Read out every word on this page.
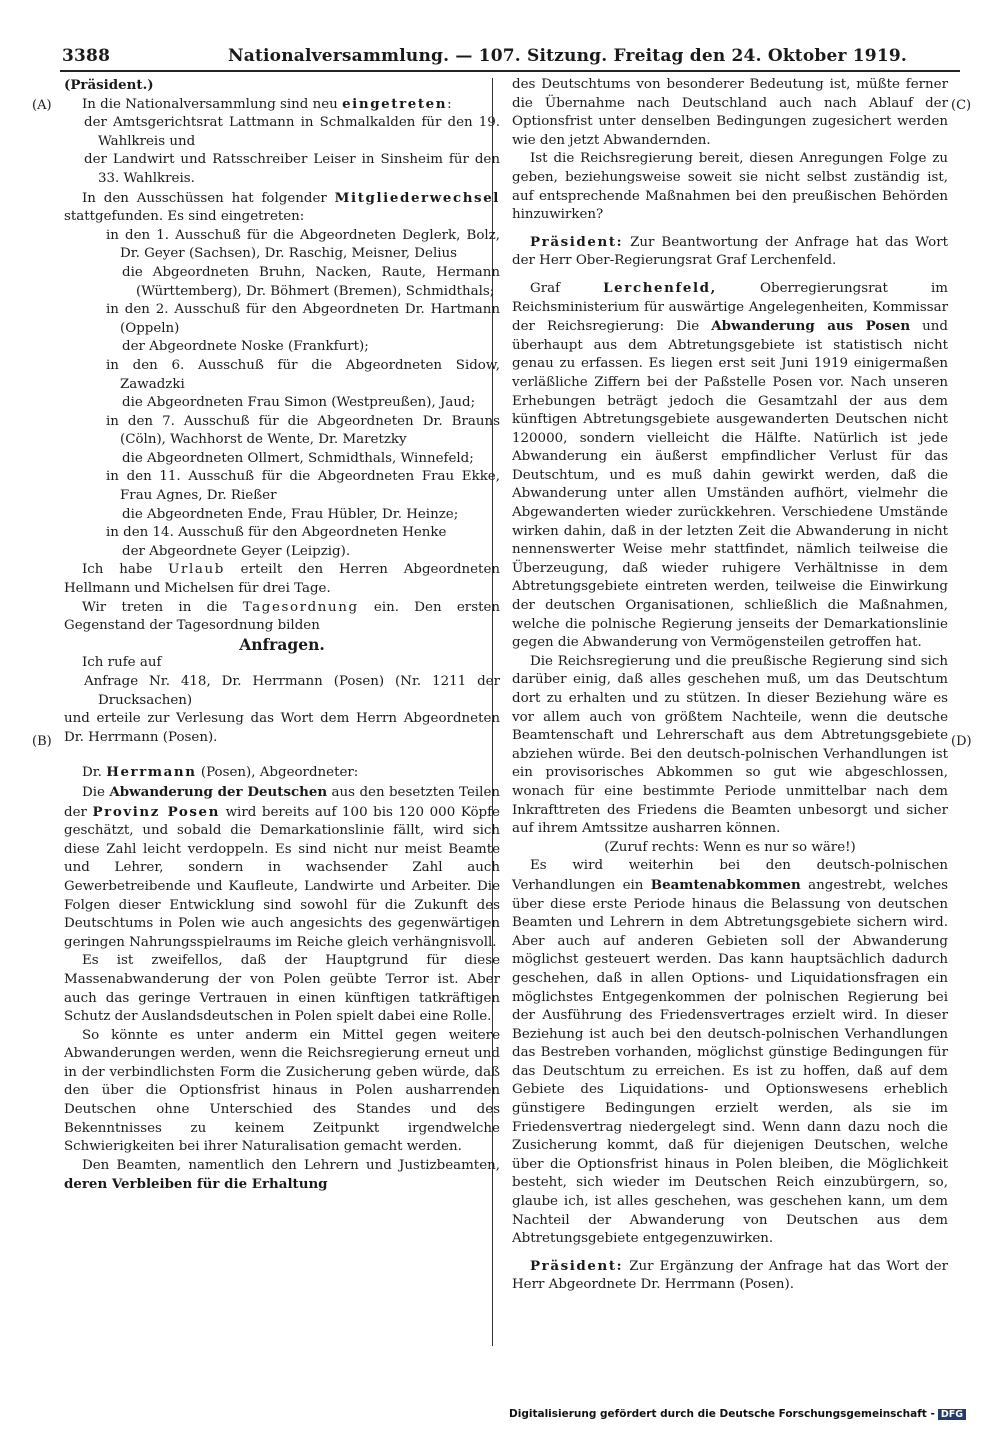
3388	Nationalversammlung. — 107. Sitzung. Freitag den 24. Oktober 1919.
(A)
(B)
(C)
(D)

(Präsident.)

In die Nationalversammlung sind neu eingetreten:

der Amtsgerichtsrat Lattmann in Schmalkalden für den 19. Wahlkreis und

der Landwirt und Ratsschreiber Leiser in Sinsheim für den 33. Wahlkreis.

In den Ausschüssen hat folgender Mitgliederwechsel stattgefunden. Es sind eingetreten:

in den 1. Ausschuß für die Abgeordneten Deglerk, Bolz, Dr. Geyer (Sachsen), Dr. Raschig, Meisner, Delius

die Abgeordneten Bruhn, Nacken, Raute, Hermann (Württemberg), Dr. Böhmert (Bremen), Schmidthals;

in den 2. Ausschuß für den Abgeordneten Dr. Hartmann (Oppeln)

der Abgeordnete Noske (Frankfurt);

in den 6. Ausschuß für die Abgeordneten Sidow, Zawadzki

die Abgeordneten Frau Simon (Westpreußen), Jaud;

in den 7. Ausschuß für die Abgeordneten Dr. Brauns (Cöln), Wachhorst de Wente, Dr. Maretzky

die Abgeordneten Ollmert, Schmidthals, Winnefeld;

in den 11. Ausschuß für die Abgeordneten Frau Ekke, Frau Agnes, Dr. Rießer

die Abgeordneten Ende, Frau Hübler, Dr. Heinze;

in den 14. Ausschuß für den Abgeordneten Henke

der Abgeordnete Geyer (Leipzig).

Ich habe Urlaub erteilt den Herren Abgeordneten Hellmann und Michelsen für drei Tage.

Wir treten in die Tagesordnung ein. Den ersten Gegenstand der Tagesordnung bilden

Anfragen.

Ich rufe auf

Anfrage Nr. 418, Dr. Herrmann (Posen) (Nr. 1211 der Drucksachen)

und erteile zur Verlesung das Wort dem Herrn Abgeordneten Dr. Herrmann (Posen).

Dr. Herrmann (Posen), Abgeordneter:

Die Abwanderung der Deutschen aus den besetzten Teilen der Provinz Posen wird bereits auf 100 bis 120 000 Köpfe geschätzt, und sobald die Demarkationslinie fällt, wird sich diese Zahl leicht verdoppeln. Es sind nicht nur meist Beamte und Lehrer, sondern in wachsender Zahl auch Gewerbetreibende und Kaufleute, Landwirte und Arbeiter. Die Folgen dieser Entwicklung sind sowohl für die Zukunft des Deutschtums in Polen wie auch angesichts des gegenwärtigen geringen Nahrungsspielraums im Reiche gleich verhängnisvoll.

Es ist zweifellos, daß der Hauptgrund für diese Massenabwanderung der von Polen geübte Terror ist. Aber auch das geringe Vertrauen in einen künftigen tatkräftigen Schutz der Auslandsdeutschen in Polen spielt dabei eine Rolle.

So könnte es unter anderm ein Mittel gegen weitere Abwanderungen werden, wenn die Reichsregierung erneut und in der verbindlichsten Form die Zusicherung geben würde, daß den über die Optionsfrist hinaus in Polen ausharrenden Deutschen ohne Unterschied des Standes und des Bekenntnisses zu keinem Zeitpunkt irgendwelche Schwierigkeiten bei ihrer Naturalisation gemacht werden.

Den Beamten, namentlich den Lehrern und Justizbeamten, deren Verbleiben für die Erhaltung

des Deutschtums von besonderer Bedeutung ist, müßte ferner die Übernahme nach Deutschland auch nach Ablauf der Optionsfrist unter denselben Bedingungen zugesichert werden wie den jetzt Abwandernden.

Ist die Reichsregierung bereit, diesen Anregungen Folge zu geben, beziehungsweise soweit sie nicht selbst zuständig ist, auf entsprechende Maßnahmen bei den preußischen Behörden hinzuwirken?

Präsident: Zur Beantwortung der Anfrage hat das Wort der Herr Ober-Regierungsrat Graf Lerchenfeld.

Graf Lerchenfeld, Oberregierungsrat im Reichsministerium für auswärtige Angelegenheiten, Kommissar der Reichsregierung: Die Abwanderung aus Posen und überhaupt aus dem Abtretungsgebiete ist statistisch nicht genau zu erfassen. Es liegen erst seit Juni 1919 einigermaßen verläßliche Ziffern bei der Paßstelle Posen vor. Nach unseren Erhebungen beträgt jedoch die Gesamtzahl der aus dem künftigen Abtretungsgebiete ausgewanderten Deutschen nicht 120000, sondern vielleicht die Hälfte. Natürlich ist jede Abwanderung ein äußerst empfindlicher Verlust für das Deutschtum, und es muß dahin gewirkt werden, daß die Abwanderung unter allen Umständen aufhört, vielmehr die Abgewanderten wieder zurückkehren. Verschiedene Umstände wirken dahin, daß in der letzten Zeit die Abwanderung in nicht nennenswerter Weise mehr stattfindet, nämlich teilweise die Überzeugung, daß wieder ruhigere Verhältnisse in dem Abtretungsgebiete eintreten werden, teilweise die Einwirkung der deutschen Organisationen, schließlich die Maßnahmen, welche die polnische Regierung jenseits der Demarkationslinie gegen die Abwanderung von Vermögensteilen getroffen hat.

Die Reichsregierung und die preußische Regierung sind sich darüber einig, daß alles geschehen muß, um das Deutschtum dort zu erhalten und zu stützen. In dieser Beziehung wäre es vor allem auch von größtem Nachteile, wenn die deutsche Beamtenschaft und Lehrerschaft aus dem Abtretungsgebiete abziehen würde. Bei den deutsch-polnischen Verhandlungen ist ein provisorisches Abkommen so gut wie abgeschlossen, wonach für eine bestimmte Periode unmittelbar nach dem Inkrafttreten des Friedens die Beamten unbesorgt und sicher auf ihrem Amtssitze ausharren können.

(Zuruf rechts: Wenn es nur so wäre!)

Es wird weiterhin bei den deutsch-polnischen Verhandlungen ein Beamtenabkommen angestrebt, welches über diese erste Periode hinaus die Belassung von deutschen Beamten und Lehrern in dem Abtretungsgebiete sichern wird. Aber auch auf anderen Gebieten soll der Abwanderung möglichst gesteuert werden. Das kann hauptsächlich dadurch geschehen, daß in allen Options- und Liquidationsfragen ein möglichstes Entgegenkommen der polnischen Regierung bei der Ausführung des Friedensvertrages erzielt wird. In dieser Beziehung ist auch bei den deutsch-polnischen Verhandlungen das Bestreben vorhanden, möglichst günstige Bedingungen für das Deutschtum zu erreichen. Es ist zu hoffen, daß auf dem Gebiete des Liquidations- und Optionswesens erheblich günstigere Bedingungen erzielt werden, als sie im Friedensvertrag niedergelegt sind. Wenn dann dazu noch die Zusicherung kommt, daß für diejenigen Deutschen, welche über die Optionsfrist hinaus in Polen bleiben, die Möglichkeit besteht, sich wieder im Deutschen Reich einzubürgern, so, glaube ich, ist alles geschehen, was geschehen kann, um dem Nachteil der Abwanderung von Deutschen aus dem Abtretungsgebiete entgegenzuwirken.

Präsident: Zur Ergänzung der Anfrage hat das Wort der Herr Abgeordnete Dr. Herrmann (Posen).

Digitalisierung gefördert durch die Deutsche Forschungsgemeinschaft - DFG
